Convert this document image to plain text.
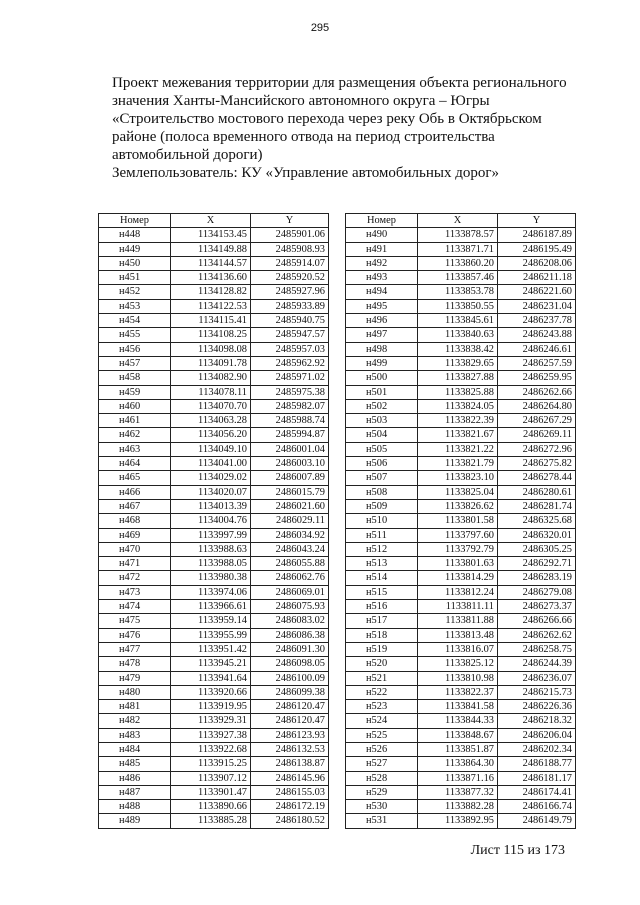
295
Проект межевания территории для размещения объекта регионального
значения Ханты-Мансийского автономного округа – Югры
«Строительство мостового перехода через реку Обь в Октябрьском
районе (полоса временного отвода на период строительства
автомобильной дороги)
Землепользователь: КУ «Управление автомобильных дорог»
Номер	X	Y
н448	1134153.45	2485901.06
н449	1134149.88	2485908.93
н450	1134144.57	2485914.07
н451	1134136.60	2485920.52
н452	1134128.82	2485927.96
н453	1134122.53	2485933.89
н454	1134115.41	2485940.75
н455	1134108.25	2485947.57
н456	1134098.08	2485957.03
н457	1134091.78	2485962.92
н458	1134082.90	2485971.02
н459	1134078.11	2485975.38
н460	1134070.70	2485982.07
н461	1134063.28	2485988.74
н462	1134056.20	2485994.87
н463	1134049.10	2486001.04
н464	1134041.00	2486003.10
н465	1134029.02	2486007.89
н466	1134020.07	2486015.79
н467	1134013.39	2486021.60
н468	1134004.76	2486029.11
н469	1133997.99	2486034.92
н470	1133988.63	2486043.24
н471	1133988.05	2486055.88
н472	1133980.38	2486062.76
н473	1133974.06	2486069.01
н474	1133966.61	2486075.93
н475	1133959.14	2486083.02
н476	1133955.99	2486086.38
н477	1133951.42	2486091.30
н478	1133945.21	2486098.05
н479	1133941.64	2486100.09
н480	1133920.66	2486099.38
н481	1133919.95	2486120.47
н482	1133929.31	2486120.47
н483	1133927.38	2486123.93
н484	1133922.68	2486132.53
н485	1133915.25	2486138.87
н486	1133907.12	2486145.96
н487	1133901.47	2486155.03
н488	1133890.66	2486172.19
н489	1133885.28	2486180.52
Номер	X	Y
н490	1133878.57	2486187.89
н491	1133871.71	2486195.49
н492	1133860.20	2486208.06
н493	1133857.46	2486211.18
н494	1133853.78	2486221.60
н495	1133850.55	2486231.04
н496	1133845.61	2486237.78
н497	1133840.63	2486243.88
н498	1133838.42	2486246.61
н499	1133829.65	2486257.59
н500	1133827.88	2486259.95
н501	1133825.88	2486262.66
н502	1133824.05	2486264.80
н503	1133822.39	2486267.29
н504	1133821.67	2486269.11
н505	1133821.22	2486272.96
н506	1133821.79	2486275.82
н507	1133823.10	2486278.44
н508	1133825.04	2486280.61
н509	1133826.62	2486281.74
н510	1133801.58	2486325.68
н511	1133797.60	2486320.01
н512	1133792.79	2486305.25
н513	1133801.63	2486292.71
н514	1133814.29	2486283.19
н515	1133812.24	2486279.08
н516	1133811.11	2486273.37
н517	1133811.88	2486266.66
н518	1133813.48	2486262.62
н519	1133816.07	2486258.75
н520	1133825.12	2486244.39
н521	1133810.98	2486236.07
н522	1133822.37	2486215.73
н523	1133841.58	2486226.36
н524	1133844.33	2486218.32
н525	1133848.67	2486206.04
н526	1133851.87	2486202.34
н527	1133864.30	2486188.77
н528	1133871.16	2486181.17
н529	1133877.32	2486174.41
н530	1133882.28	2486166.74
н531	1133892.95	2486149.79
Лист 115 из 173
